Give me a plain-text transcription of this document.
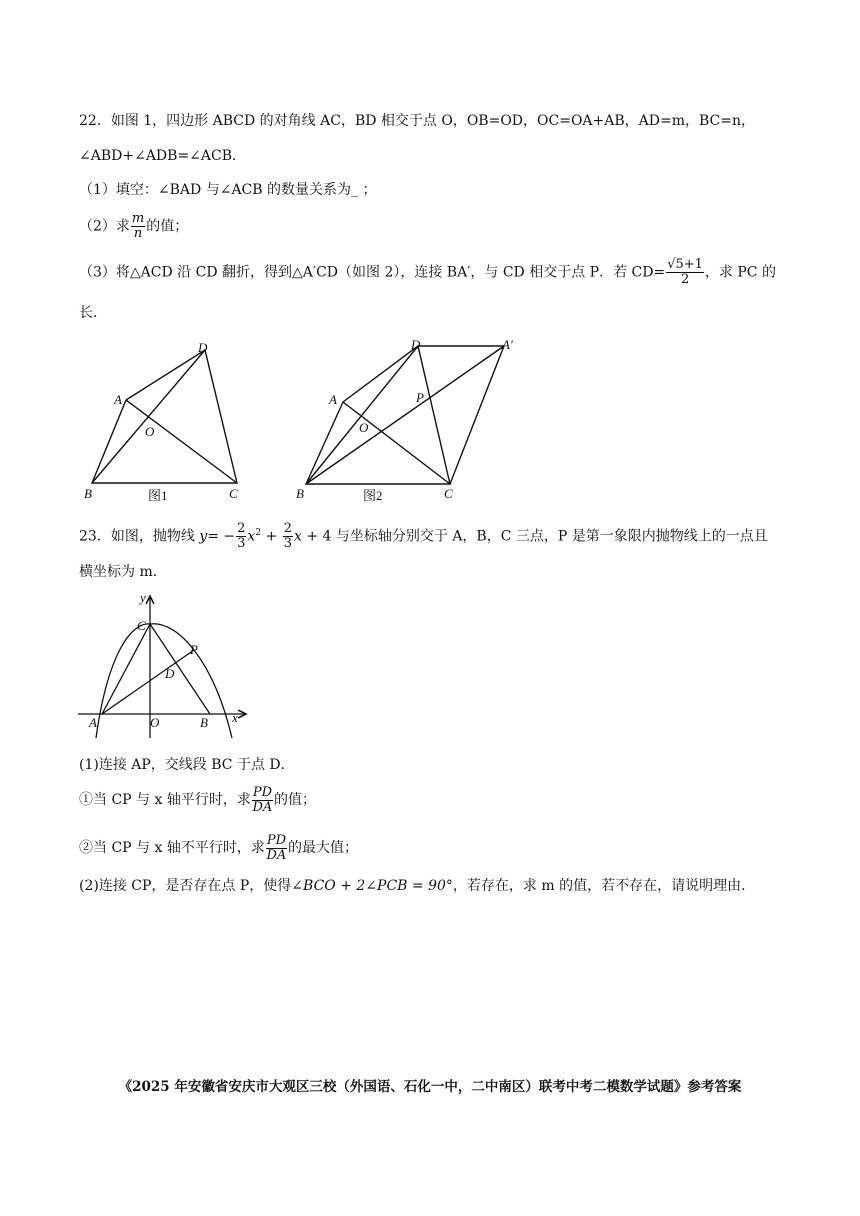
22．如图 1，四边形 ABCD 的对角线 AC，BD 相交于点 O，OB=OD，OC=OA+AB，AD=m，BC=n，
∠ABD+∠ADB=∠ACB．
（1）填空：∠BAD 与∠ACB 的数量关系为_ ；
（2）求 $\frac{m}{n}$ 的值；
（3）将△ACD 沿 CD 翻折，得到△A′CD（如图 2），连接 BA′，与 CD 相交于点 P．若 $CD= \frac{√5+1}{2}$ ，求 PC 的
长．
D
A
O
B	C
图1
D	A′
A	P
O
B	C
图2
23．如图，抛物线 $y= - \frac{2}{3} x^2 + \frac{2}{3}$ x + 4 与坐标轴分别交于 A，B，C 三点，P 是第一象限内抛物线上的一点且
横坐标为 m．
y
x
C
P
D
A	O	B
(1)连接 AP，交线段 BC 于点 D．
①当 CP 与 x 轴平行时，求 $\frac{PD}{DA}$ 的值；
②当 CP 与 x 轴不平行时，求 $\frac{PD}{DA}$ 的最大值；
(2)连接 CP，是否存在点 P，使得∠BCO + 2∠PCB = 90°，若存在，求 m 的值，若不存在，请说明理由．
《2025 年安徽省安庆市大观区三校（外国语、石化一中，二中南区）联考中考二模数学试题》参考答案
